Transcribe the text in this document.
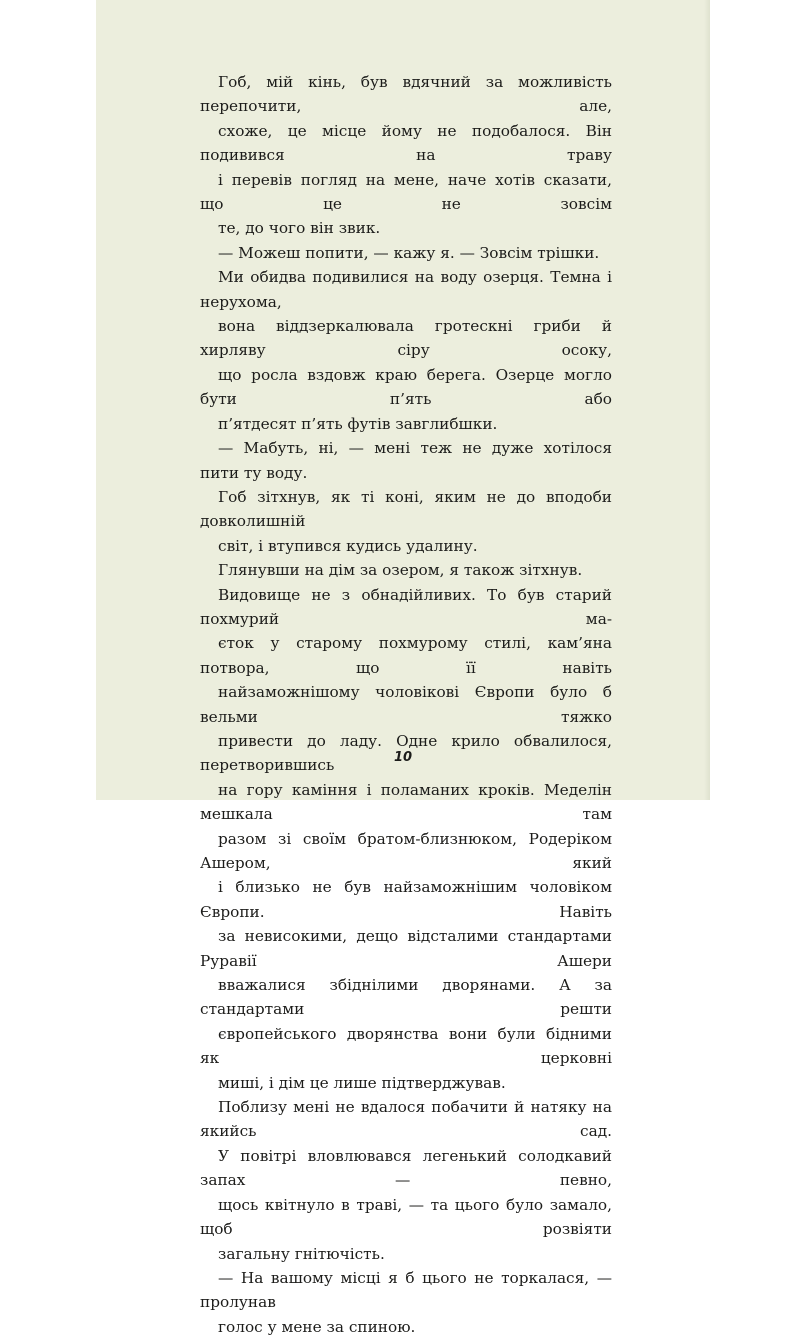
Гоб, мій кінь, був вдячний за можливість перепочити, але,
схоже, це місце йому не подобалося. Він подивився на траву
і перевів погляд на мене, наче хотів сказати, що це не зовсім
те, до чого він звик.

— Можеш попити, — кажу я. — Зовсім трішки.

Ми обидва подивилися на воду озерця. Темна і нерухома,
вона віддзеркалювала гротескні гриби й хирляву сіру осоку,
що росла вздовж краю берега. Озерце могло бути п’ять або
п’ятдесят п’ять футів завглибшки.

— Мабуть, ні, — мені теж не дуже хотілося пити ту воду.

Гоб зітхнув, як ті коні, яким не до вподоби довколишній
світ, і втупився кудись удалину.

Глянувши на дім за озером, я також зітхнув.

Видовище не з обнадійливих. То був старий похмурий ма-
єток у старому похмурому стилі, кам’яна потвора, що її навіть
найзаможнішому чоловікові Європи було б вельми тяжко
привести до ладу. Одне крило обвалилося, перетворившись
на гору каміння і поламаних кроків. Меделін мешкала там
разом зі своїм братом-близнюком, Родеріком Ашером, який
і близько не був найзаможнішим чоловіком Європи. Навіть
за невисокими, дещо відсталими стандартами Руравії Ашери
вважалися збіднілими дворянами. А за стандартами решти
європейського дворянства вони були бідними як церковні
миші, і дім це лише підтверджував.

Поблизу мені не вдалося побачити й натяку на якийсь сад.
У повітрі вловлювався легенький солодкавий запах — певно,
щось квітнуло в траві, — та цього було замало, щоб розвіяти
загальну гнітючість.

— На вашому місці я б цього не торкалася, — пролунав
голос у мене за спиною.

10
